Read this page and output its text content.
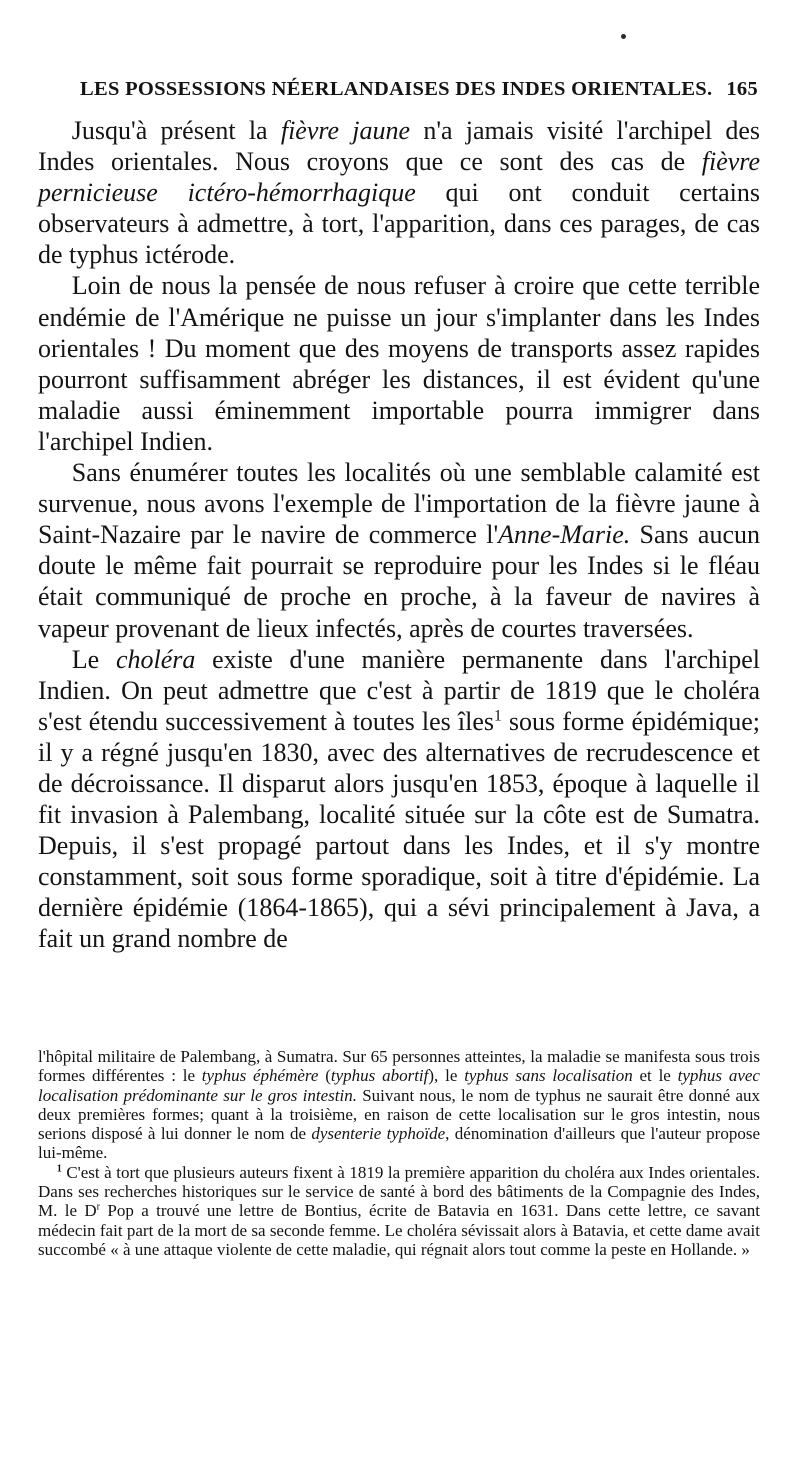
LES POSSESSIONS NÉERLANDAISES DES INDES ORIENTALES. 165

Jusqu'à présent la fièvre jaune n'a jamais visité l'archipel des Indes orientales. Nous croyons que ce sont des cas de fièvre pernicieuse ictéro-hémorrhagique qui ont conduit certains observateurs à admettre, à tort, l'apparition, dans ces parages, de cas de typhus ictérode.

Loin de nous la pensée de nous refuser à croire que cette terrible endémie de l'Amérique ne puisse un jour s'implanter dans les Indes orientales ! Du moment que des moyens de transports assez rapides pourront suffisamment abréger les distances, il est évident qu'une maladie aussi éminemment importable pourra immigrer dans l'archipel Indien.

Sans énumérer toutes les localités où une semblable calamité est survenue, nous avons l'exemple de l'importation de la fièvre jaune à Saint-Nazaire par le navire de commerce l'Anne-Marie. Sans aucun doute le même fait pourrait se reproduire pour les Indes si le fléau était communiqué de proche en proche, à la faveur de navires à vapeur provenant de lieux infectés, après de courtes traversées.

Le choléra existe d'une manière permanente dans l'archipel Indien. On peut admettre que c'est à partir de 1819 que le choléra s'est étendu successivement à toutes les îles$^1$ sous forme épidémique; il y a régné jusqu'en 1830, avec des alternatives de recrudescence et de décroissance. Il disparut alors jusqu'en 1853, époque à laquelle il fit invasion à Palembang, localité située sur la côte est de Sumatra. Depuis, il s'est propagé partout dans les Indes, et il s'y montre constamment, soit sous forme sporadique, soit à titre d'épidémie. La dernière épidémie (1864-1865), qui a sévi principalement à Java, a fait un grand nombre de

l'hôpital militaire de Palembang, à Sumatra. Sur 65 personnes atteintes, la maladie se manifesta sous trois formes différentes : le typhus éphémère (typhus abortif), le typhus sans localisation et le typhus avec localisation prédominante sur le gros intestin. Suivant nous, le nom de typhus ne saurait être donné aux deux premières formes; quant à la troisième, en raison de cette localisation sur le gros intestin, nous serions disposé à lui donner le nom de dysenterie typhoïde, dénomination d'ailleurs que l'auteur propose lui-même.

$^1$ C'est à tort que plusieurs auteurs fixent à 1819 la première apparition du choléra aux Indes orientales. Dans ses recherches historiques sur le service de santé à bord des bâtiments de la Compagnie des Indes, M. le $D^r$ Pop a trouvé une lettre de Bontius, écrite de Batavia en 1631. Dans cette lettre, ce savant médecin fait part de la mort de sa seconde femme. Le choléra sévissait alors à Batavia, et cette dame avait succombé « à une attaque violente de cette maladie, qui régnait alors tout comme la peste en Hollande. »
